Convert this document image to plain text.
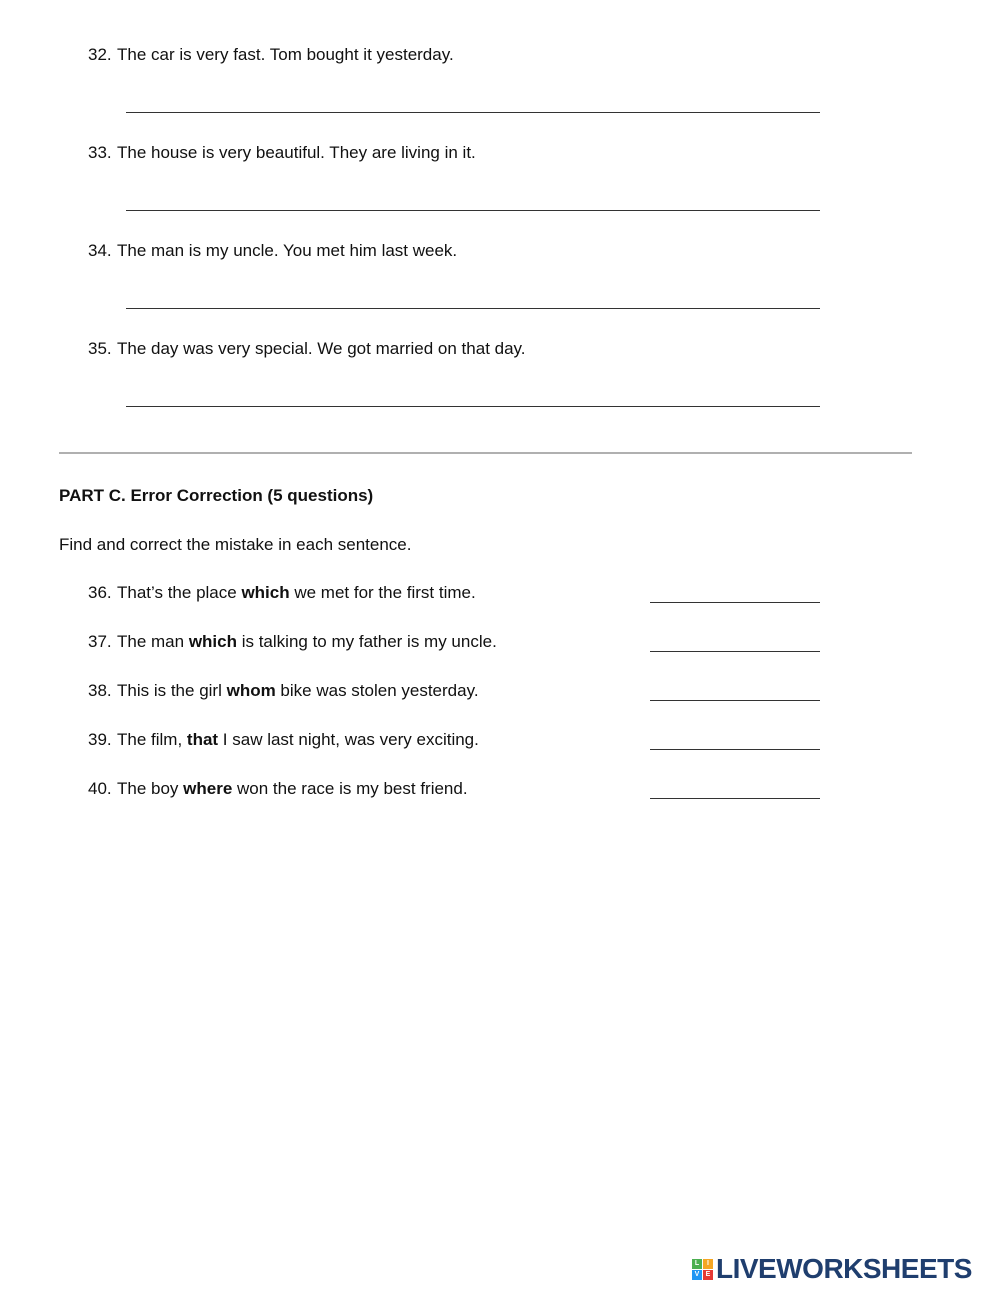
32. The car is very fast. Tom bought it yesterday.
33. The house is very beautiful. They are living in it.
34. The man is my uncle. You met him last week.
35. The day was very special. We got married on that day.
PART C. Error Correction (5 questions)
Find and correct the mistake in each sentence.
36. That’s the place which we met for the first time.
37. The man which is talking to my father is my uncle.
38. This is the girl whom bike was stolen yesterday.
39. The film, that I saw last night, was very exciting.
40. The boy where won the race is my best friend.
L	I
V E LIVEWORKSHEETS
